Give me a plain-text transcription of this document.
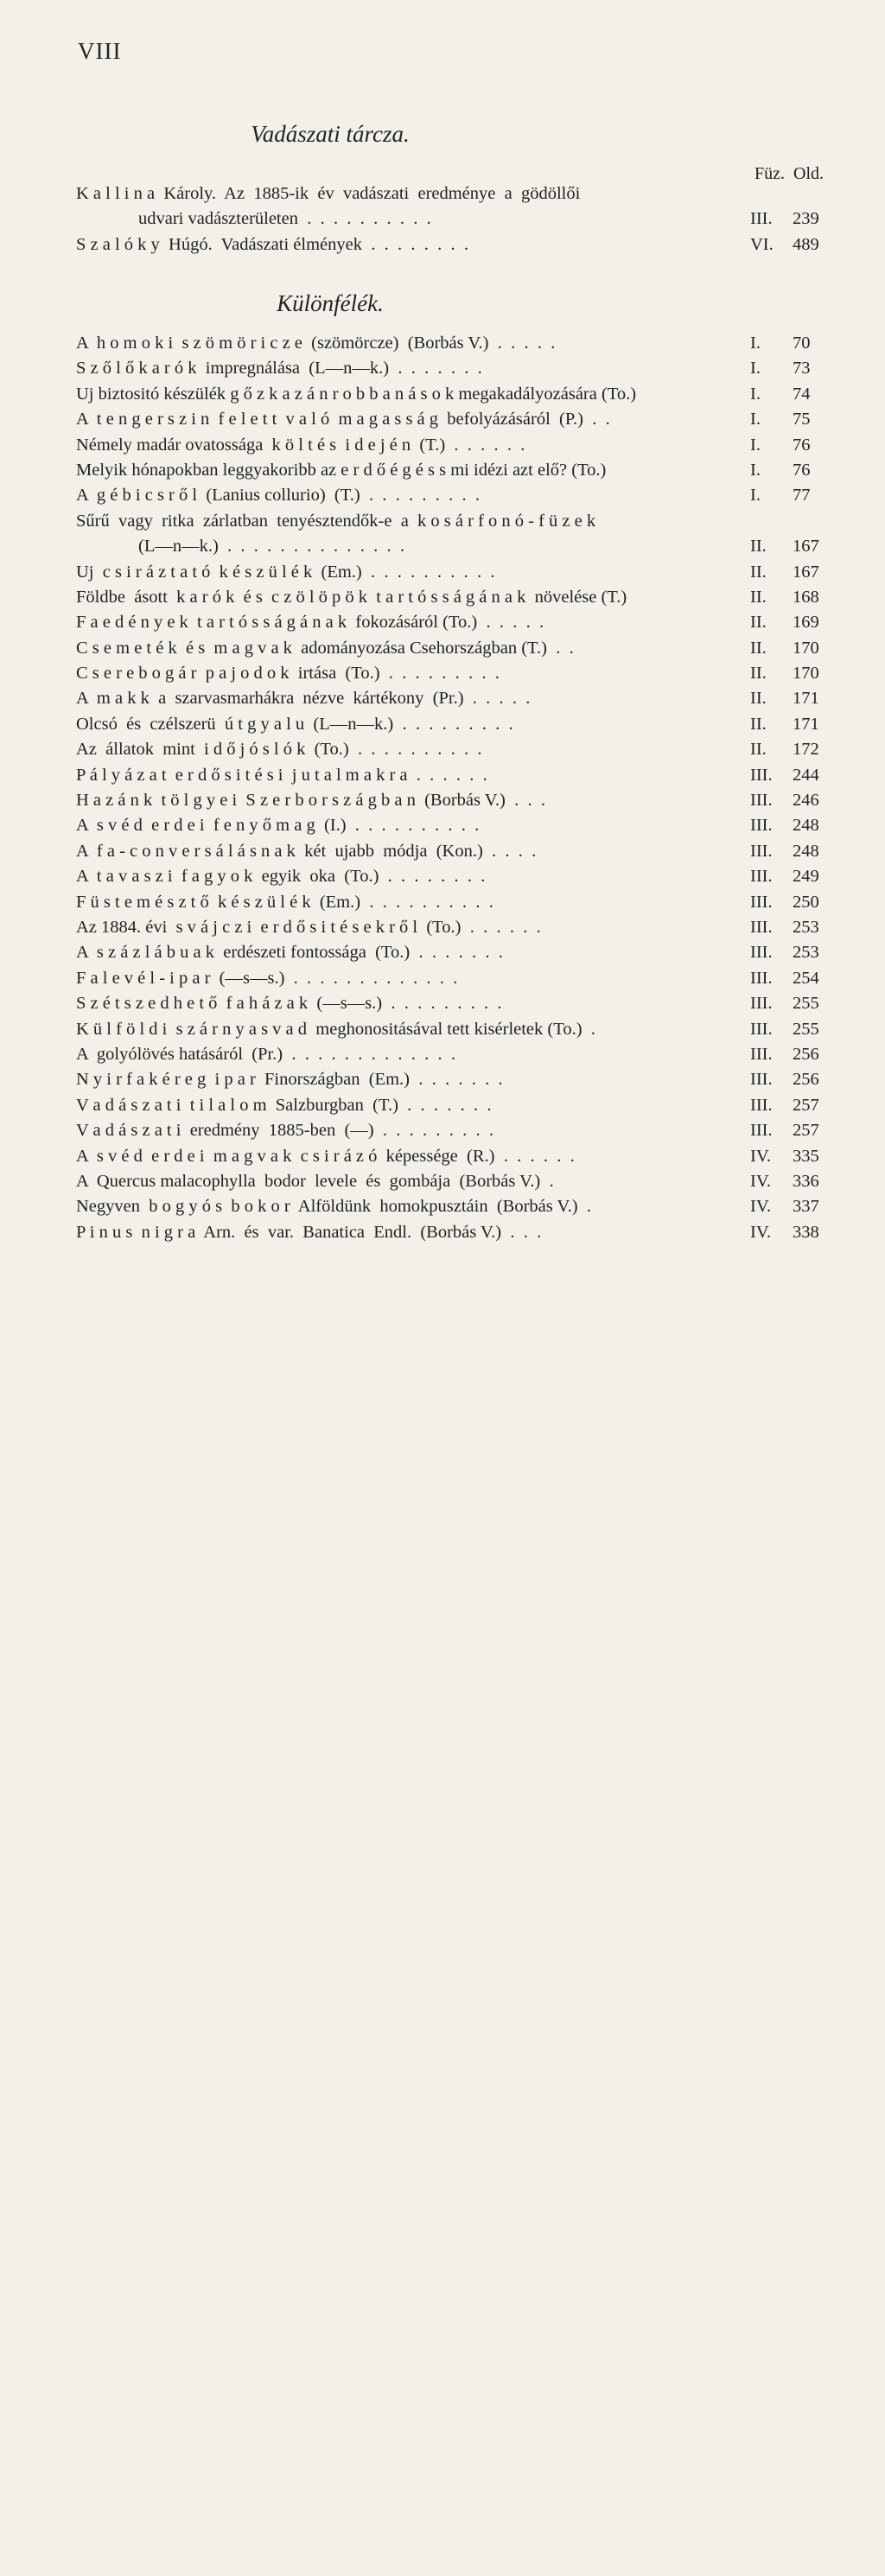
VIII
Vadászati tárcza.
Füz. Old.
K a l l i n a  Károly.  Az  1885-ik  év  vadászati  eredménye  a  gödöllői
udvari vadászterületen  .  .  .  .  .  .  .  .  .  .	III.	239
S z a l ó k y  Húgó.  Vadászati élmények  .  .  .  .  .  .  .  .	VI.	489
Különfélék.
A  h o m o k i  s z ö m ö r i c z e  (szömörcze)  (Borbás V.)  .  .  .  .  .	I.	70
S z ő l ő k a r ó k  impregnálása  (L—n—k.)  .  .  .  .  .  .  .	I.	73
Uj biztositó készülék g ő z k a z á n r o b b a n á s o k megakadályozására (To.)	I.	74
A  t e n g e r s z i n  f e l e t t  v a l ó  m a g a s s á g  befolyázásáról  (P.)  .  .	I.	75
Némely madár ovatossága  k ö l t é s  i d e j é n  (T.)  .  .  .  .  .  .	I.	76
Melyik hónapokban leggyakoribb az e r d ő é g é s s mi idézi azt elő? (To.)	I.	76
A  g é b i c s r ő l  (Lanius collurio)  (T.)  .  .  .  .  .  .  .  .  .	I.	77
Sűrű  vagy  ritka  zárlatban  tenyésztendők-e  a  k o s á r f o n ó - f ü z e k
(L—n—k.)  .  .  .  .  .  .  .  .  .  .  .  .  .  .	II.	167
Uj  c s i r á z t a t ó  k é s z ü l é k  (Em.)  .  .  .  .  .  .  .  .  .  .	II.	167
Földbe  ásott  k a r ó k  é s  c z ö l ö p ö k  t a r t ó s s á g á n a k  növelése (T.)	II.	168
F a e d é n y e k  t a r t ó s s á g á n a k  fokozásáról (To.)  .  .  .  .  .	II.	169
C s e m e t é k  é s  m a g v a k  adományozása Csehországban (T.)  .  .	II.	170
C s e r e b o g á r  p a j o d o k  irtása  (To.)  .  .  .  .  .  .  .  .  .	II.	170
A  m a k k  a  szarvasmarhákra  nézve  kártékony  (Pr.)  .  .  .  .  .	II.	171
Olcsó  és  czélszerü  ú t g y a l u  (L—n—k.)  .  .  .  .  .  .  .  .  .	II.	171
Az  állatok  mint  i d ő j ó s l ó k  (To.)  .  .  .  .  .  .  .  .  .  .	II.	172
P á l y á z a t  e r d ő s i t é s i  j u t a l m a k r a  .  .  .  .  .  .	III.	244
H a z á n k  t ö l g y e i  S z e r b o r s z á g b a n  (Borbás V.)  .  .  .	III.	246
A  s v é d  e r d e i  f e n y ő m a g  (I.)  .  .  .  .  .  .  .  .  .  .	III.	248
A  f a - c o n v e r s á l á s n a k  két  ujabb  módja  (Kon.)  .  .  .  .	III.	248
A  t a v a s z i  f a g y o k  egyik  oka  (To.)  .  .  .  .  .  .  .  .	III.	249
F ü s t e m é s z t ő  k é s z ü l é k  (Em.)  .  .  .  .  .  .  .  .  .  .	III.	250
Az 1884. évi  s v á j c z i  e r d ő s i t é s e k r ő l  (To.)  .  .  .  .  .  .	III.	253
A  s z á z l á b u a k  erdészeti fontossága  (To.)  .  .  .  .  .  .  .	III.	253
F a l e v é l - i p a r  (—s—s.)  .  .  .  .  .  .  .  .  .  .  .  .  .	III.	254
S z é t s z e d h e t ő  f a h á z a k  (—s—s.)  .  .  .  .  .  .  .  .  .	III.	255
K ü l f ö l d i  s z á r n y a s v a d  meghonositásával tett kisérletek (To.)  .	III.	255
A  golyólövés hatásáról  (Pr.)  .  .  .  .  .  .  .  .  .  .  .  .  .	III.	256
N y i r f a k é r e g  i p a r  Finországban  (Em.)  .  .  .  .  .  .  .	III.	256
V a d á s z a t i  t i l a l o m  Salzburgban  (T.)  .  .  .  .  .  .  .	III.	257
V a d á s z a t i  eredmény  1885-ben  (—)  .  .  .  .  .  .  .  .  .	III.	257
A  s v é d  e r d e i  m a g v a k  c s i r á z ó  képessége  (R.)  .  .  .  .  .  .	IV.	335
A  Quercus malacophylla  bodor  levele  és  gombája  (Borbás V.)  .	IV.	336
Negyven  b o g y ó s  b o k o r  Alföldünk  homokpusztáin  (Borbás V.)  .	IV.	337
P i n u s  n i g r a  Arn.  és  var.  Banatica  Endl.  (Borbás V.)  .  .  .	IV.	338
